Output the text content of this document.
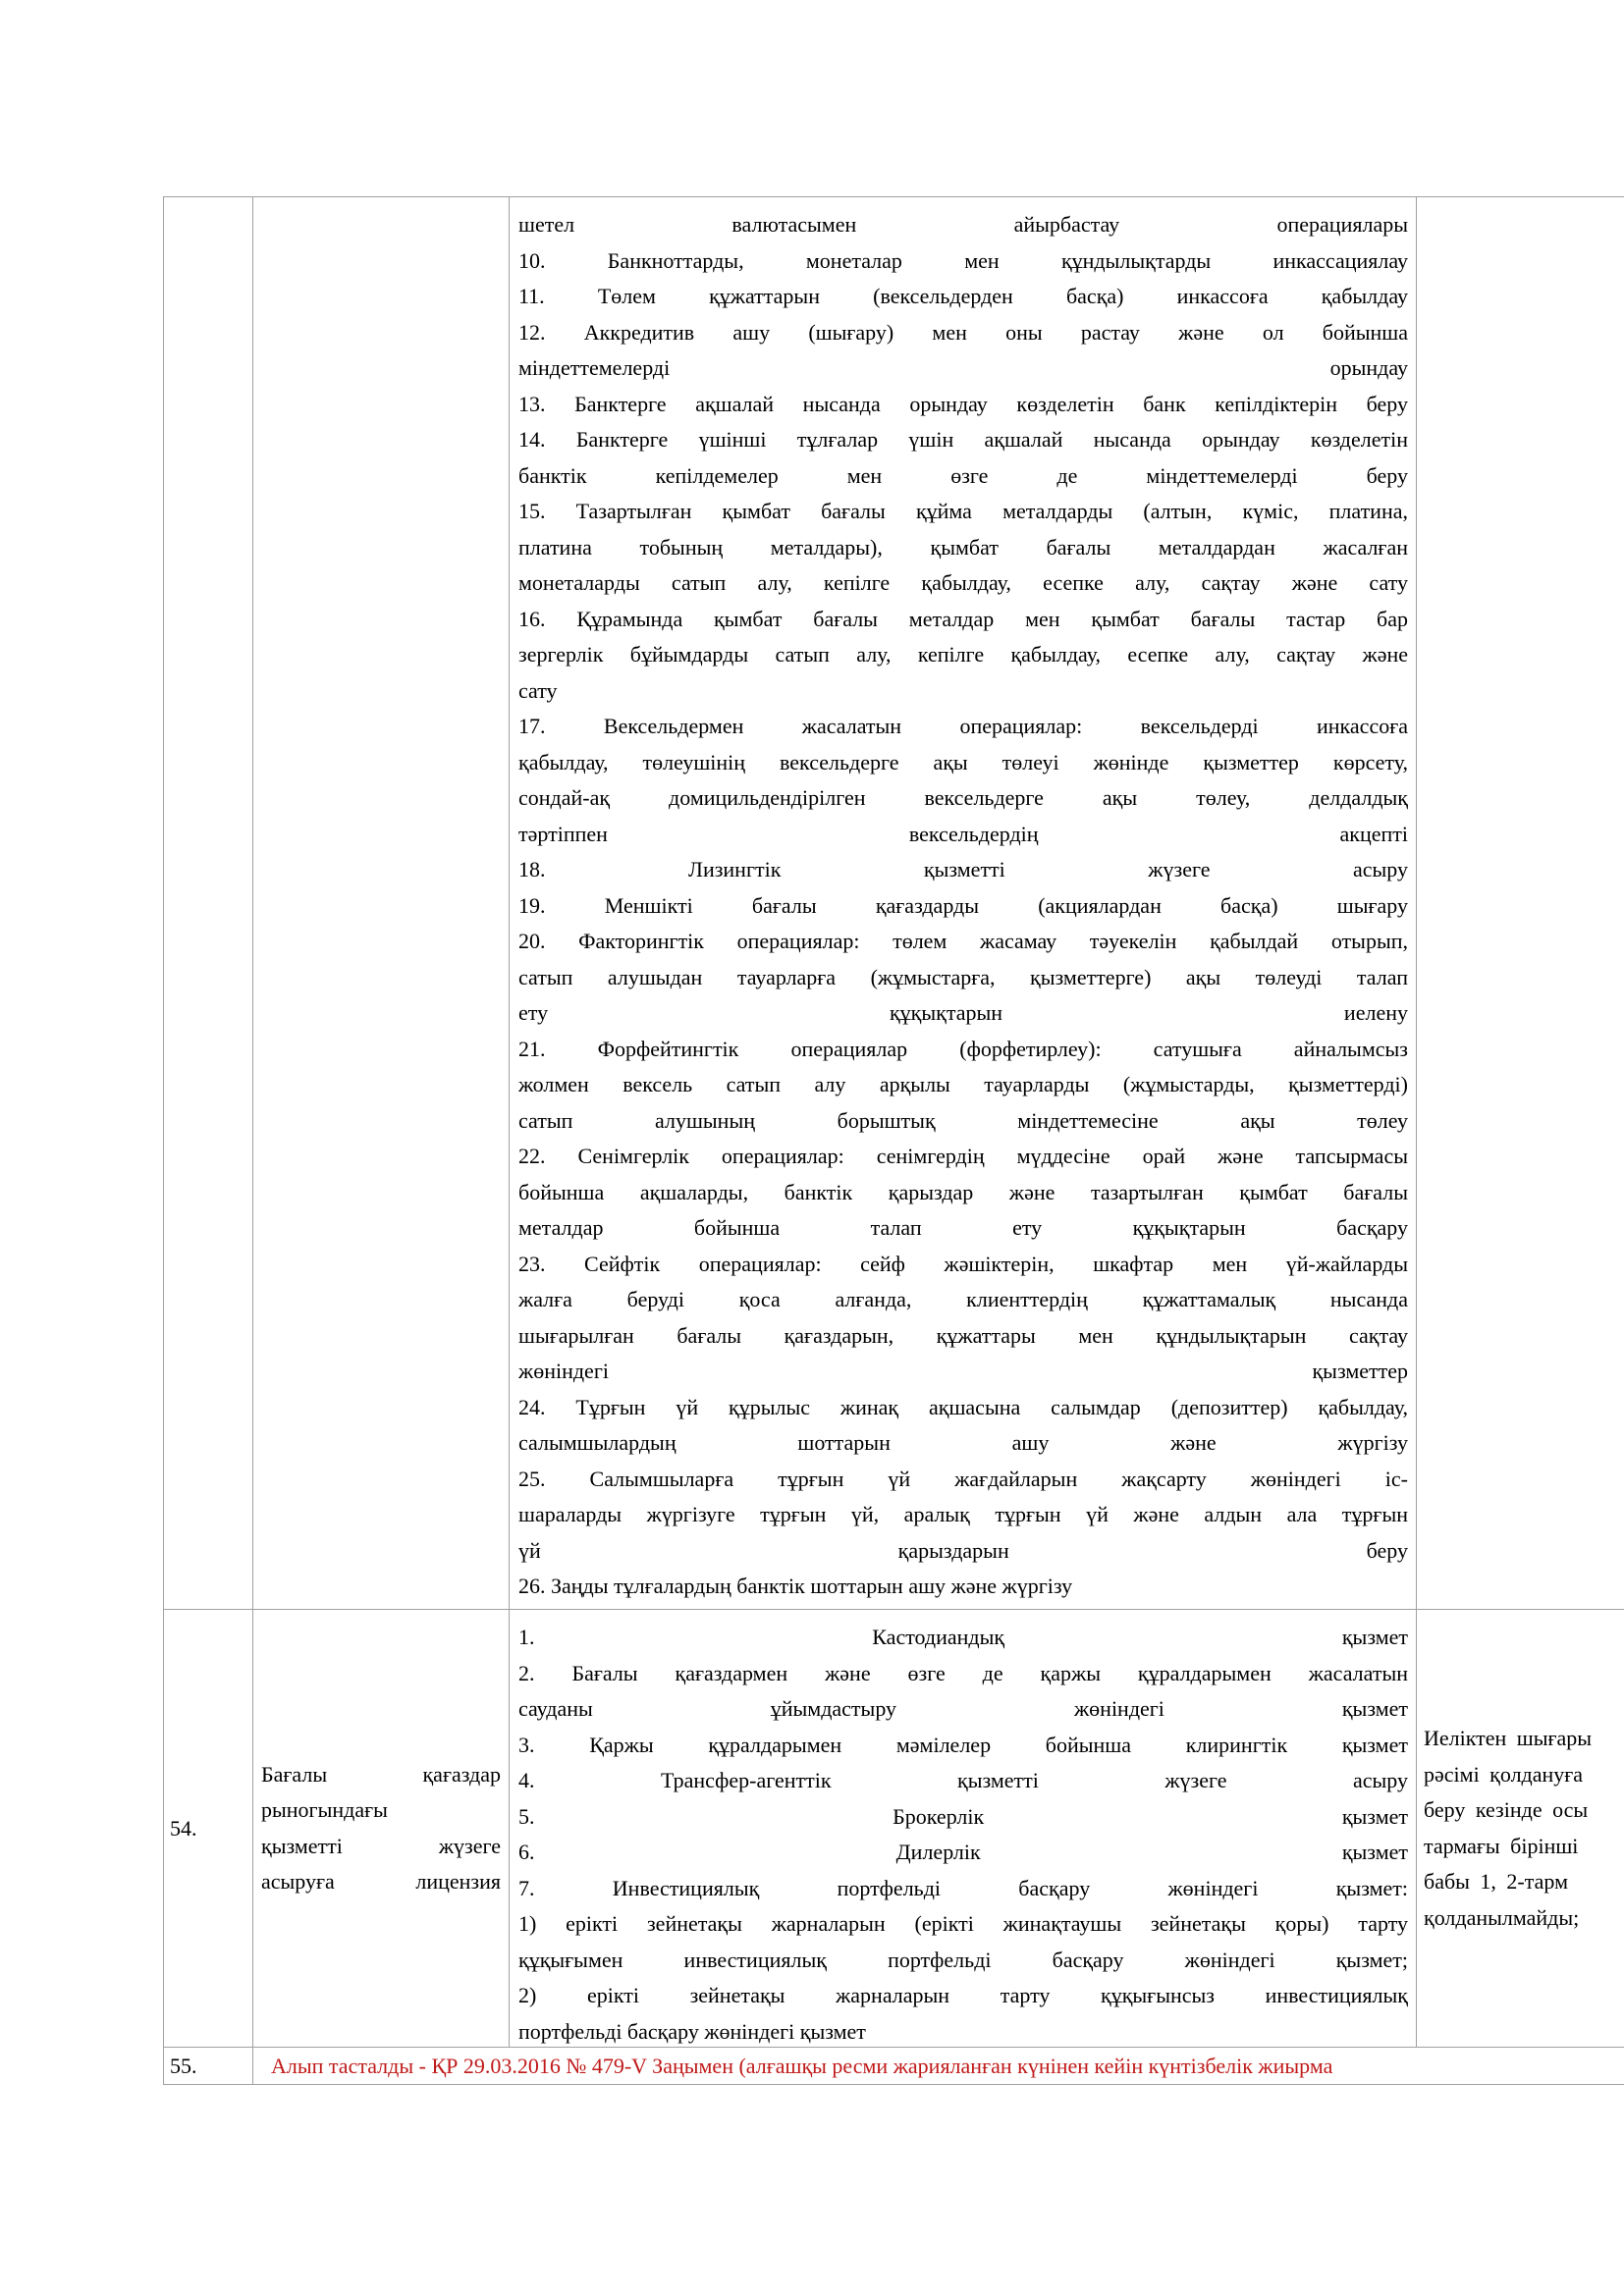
шетел валютасымен айырбастау операциялары
10. Банкноттарды, монеталар мен құндылықтарды инкассациялау
11. Төлем құжаттарын (вексельдерден басқа) инкассоға қабылдау
12. Аккредитив ашу (шығару) мен оны растау және ол бойынша
міндеттемелерді орындау
13. Банктерге ақшалай нысанда орындау көзделетін банк кепілдіктерін беру
14. Банктерге үшінші тұлғалар үшін ақшалай нысанда орындау көзделетін
банктік кепілдемелер мен өзге де міндеттемелерді беру
15. Тазартылған қымбат бағалы құйма металдарды (алтын, күміс, платина,
платина тобының металдары), қымбат бағалы металдардан жасалған
монеталарды сатып алу, кепілге қабылдау, есепке алу, сақтау және сату
16. Құрамында қымбат бағалы металдар мен қымбат бағалы тастар бар
зергерлік бұйымдарды сатып алу, кепілге қабылдау, есепке алу, сақтау және
сату
17. Вексельдермен жасалатын операциялар: вексельдерді инкассоға
қабылдау, төлеушінің вексельдерге ақы төлеуі жөнінде қызметтер көрсету,
сондай-ақ домицильдендірілген вексельдерге ақы төлеу, делдалдық
тәртіппен вексельдердің акцепті
18. Лизингтік қызметті жүзеге асыру
19. Меншікті бағалы қағаздарды (акциялардан басқа) шығару
20. Факторингтік операциялар: төлем жасамау тәуекелін қабылдай отырып,
сатып алушыдан тауарларға (жұмыстарға, қызметтерге) ақы төлеуді талап
ету құқықтарын иелену
21. Форфейтингтік операциялар (форфетирлеу): сатушыға айналымсыз
жолмен вексель сатып алу арқылы тауарларды (жұмыстарды, қызметтерді)
сатып алушының борыштық міндеттемесіне ақы төлеу
22. Сенімгерлік операциялар: сенімгердің мүддесіне орай және тапсырмасы
бойынша ақшаларды, банктік қарыздар және тазартылған қымбат бағалы
металдар бойынша талап ету құқықтарын басқару
23. Сейфтік операциялар: сейф жәшіктерін, шкафтар мен үй-жайларды
жалға беруді қоса алғанда, клиенттердің құжаттамалық нысанда
шығарылған бағалы қағаздарын, құжаттары мен құндылықтарын сақтау
жөніндегі қызметтер
24. Тұрғын үй құрылыс жинақ ақшасына салымдар (депозиттер) қабылдау,
салымшылардың шоттарын ашу және жүргізу
25. Салымшыларға тұрғын үй жағдайларын жақсарту жөніндегі іс-
шараларды жүргізуге тұрғын үй, аралық тұрғын үй және алдын ала тұрғын
үй қарыздарын беру
26. Заңды тұлғалардың банктік шоттарын ашу және жүргізу
54.
Бағалы қағаздар
рыногындағы
қызметті жүзеге
асыруға лицензия
1. Кастодиандық қызмет
2. Бағалы қағаздармен және өзге де қаржы құралдарымен жасалатын
сауданы ұйымдастыру жөніндегі қызмет
3. Қаржы құралдарымен мәмілелер бойынша клирингтік қызмет
4. Трансфер-агенттік қызметті жүзеге асыру
5. Брокерлік қызмет
6. Дилерлік қызмет
7. Инвестициялық портфельді басқару жөніндегі қызмет:
1) ерікті зейнетақы жарналарын (ерікті жинақтаушы зейнетақы қоры) тарту
құқығымен инвестициялық портфельді басқару жөніндегі қызмет;
2) ерікті зейнетақы жарналарын тарту құқығынсыз инвестициялық
портфельді басқару жөніндегі қызмет
Иеліктен шығары
рәсімі қолдануға
беру кезінде осы
тармағы бірінші
бабы 1, 2-тарм
қолданылмайды;
55.	Алып тасталды - ҚР 29.03.2016 № 479-V Заңымен (алғашқы ресми жарияланған күнінен кейін күнтізбелік жиырма
